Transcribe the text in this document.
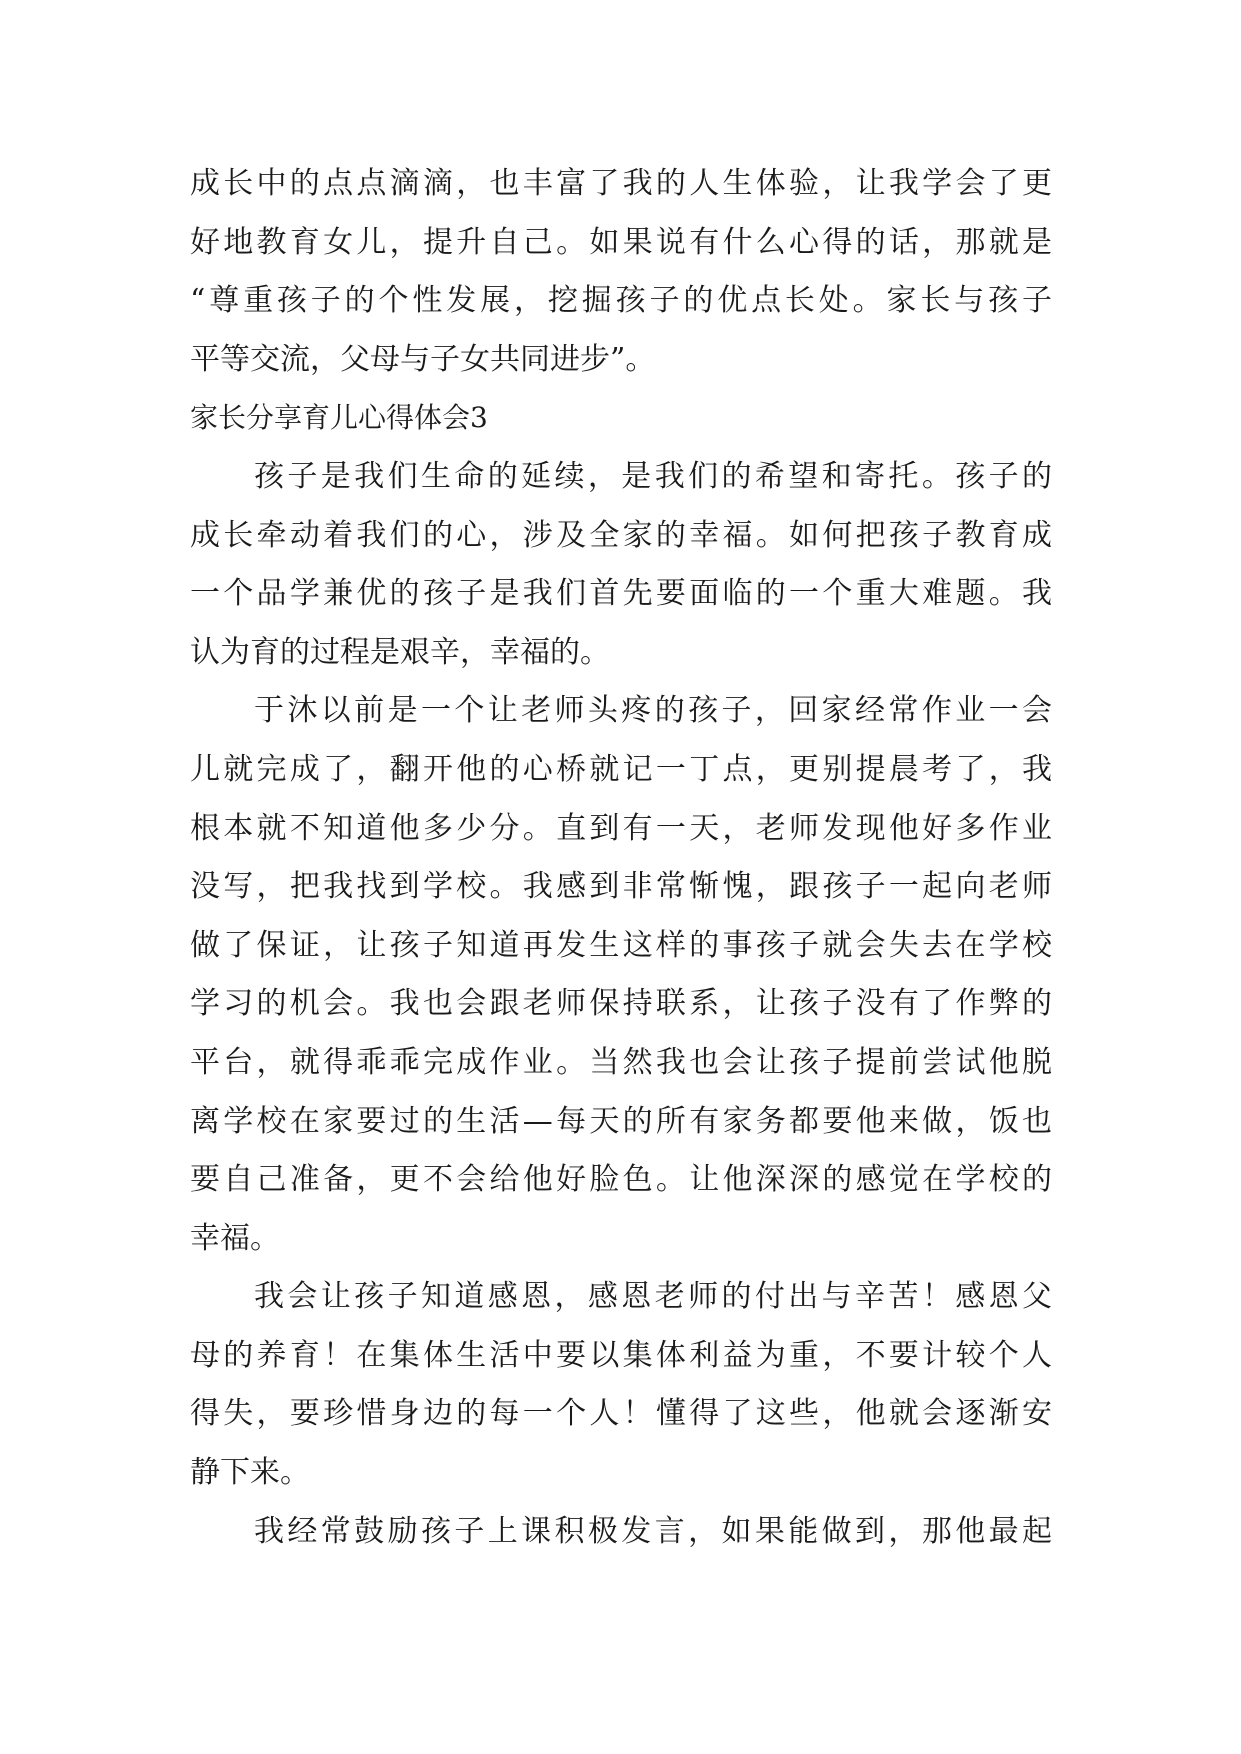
成长中的点点滴滴，也丰富了我的人生体验，让我学会了更
好地教育女儿，提升自己。如果说有什么心得的话，那就是
“尊重孩子的个性发展，挖掘孩子的优点长处。家长与孩子
平等交流，父母与子女共同进步”。
家长分享育儿心得体会3
孩子是我们生命的延续，是我们的希望和寄托。孩子的
成长牵动着我们的心，涉及全家的幸福。如何把孩子教育成
一个品学兼优的孩子是我们首先要面临的一个重大难题。我
认为育的过程是艰辛，幸福的。
于沐以前是一个让老师头疼的孩子，回家经常作业一会
儿就完成了，翻开他的心桥就记一丁点，更别提晨考了，我
根本就不知道他多少分。直到有一天，老师发现他好多作业
没写，把我找到学校。我感到非常惭愧，跟孩子一起向老师
做了保证，让孩子知道再发生这样的事孩子就会失去在学校
学习的机会。我也会跟老师保持联系，让孩子没有了作弊的
平台，就得乖乖完成作业。当然我也会让孩子提前尝试他脱
离学校在家要过的生活—每天的所有家务都要他来做，饭也
要自己准备，更不会给他好脸色。让他深深的感觉在学校的
幸福。
我会让孩子知道感恩，感恩老师的付出与辛苦！感恩父
母的养育！在集体生活中要以集体利益为重，不要计较个人
得失，要珍惜身边的每一个人！懂得了这些，他就会逐渐安
静下来。
我经常鼓励孩子上课积极发言，如果能做到，那他最起
